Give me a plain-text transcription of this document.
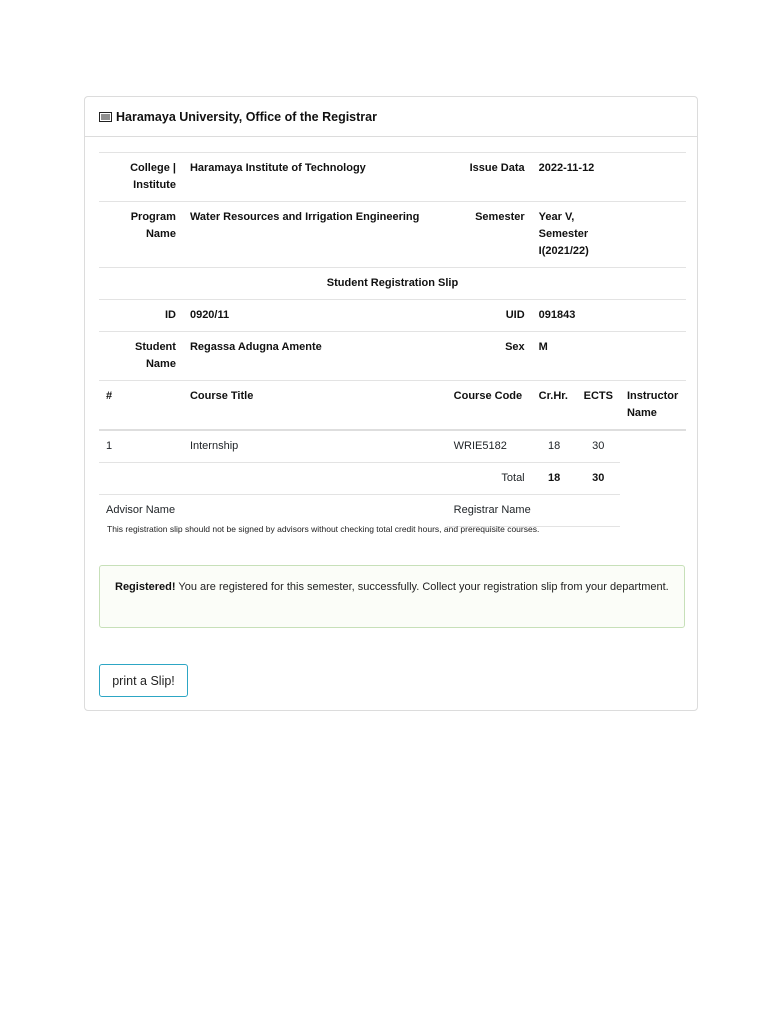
Haramaya University, Office of the Registrar
College | Institute	Haramaya Institute of Technology	Issue Data	2022-11-12		
Program Name	Water Resources and Irrigation Engineering	Semester	Year V, Semester I(2021/22)		
Student Registration Slip					
ID	0920/11	UID	091843		
Student Name	Regassa Adugna Amente	Sex	M		
#	Course Title	Course Code	Cr.Hr.	ECTS	Instructor Name
1	Internship	WRIE5182	18	30	
		Total	18	30	
Advisor Name		Registrar Name			
This registration slip should not be signed by advisors without checking total credit hours, and prerequisite courses.
Registered! You are registered for this semester, successfully. Collect your registration slip from your department.
print a Slip!
